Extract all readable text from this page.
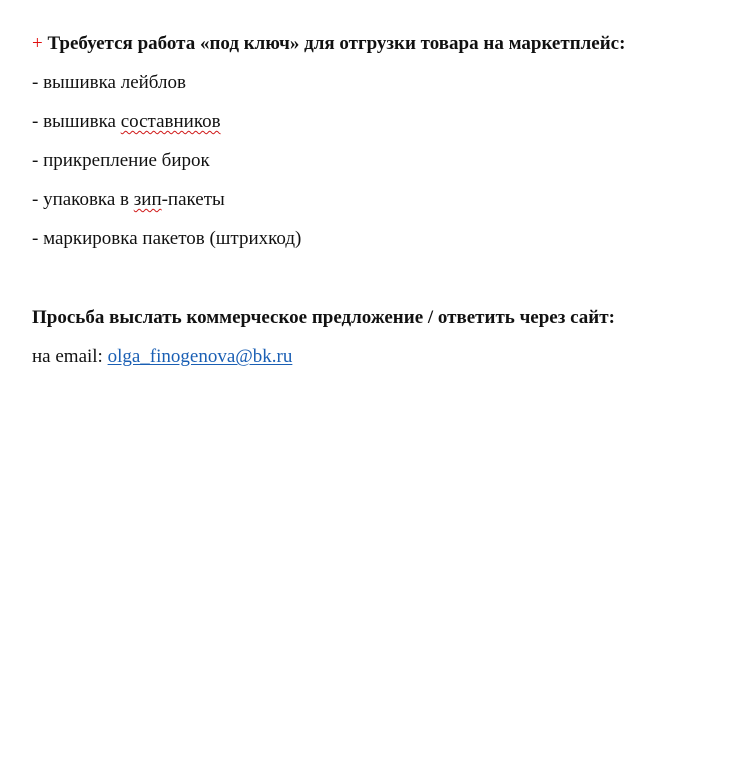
+ Требуется работа «под ключ» для отгрузки товара на маркетплейс:
- вышивка лейблов
- вышивка составников
- прикрепление бирок
- упаковка в зип-пакеты
- маркировка пакетов (штрихкод)
Просьба выслать коммерческое предложение / ответить через сайт:
на email: olga_finogenova@bk.ru
